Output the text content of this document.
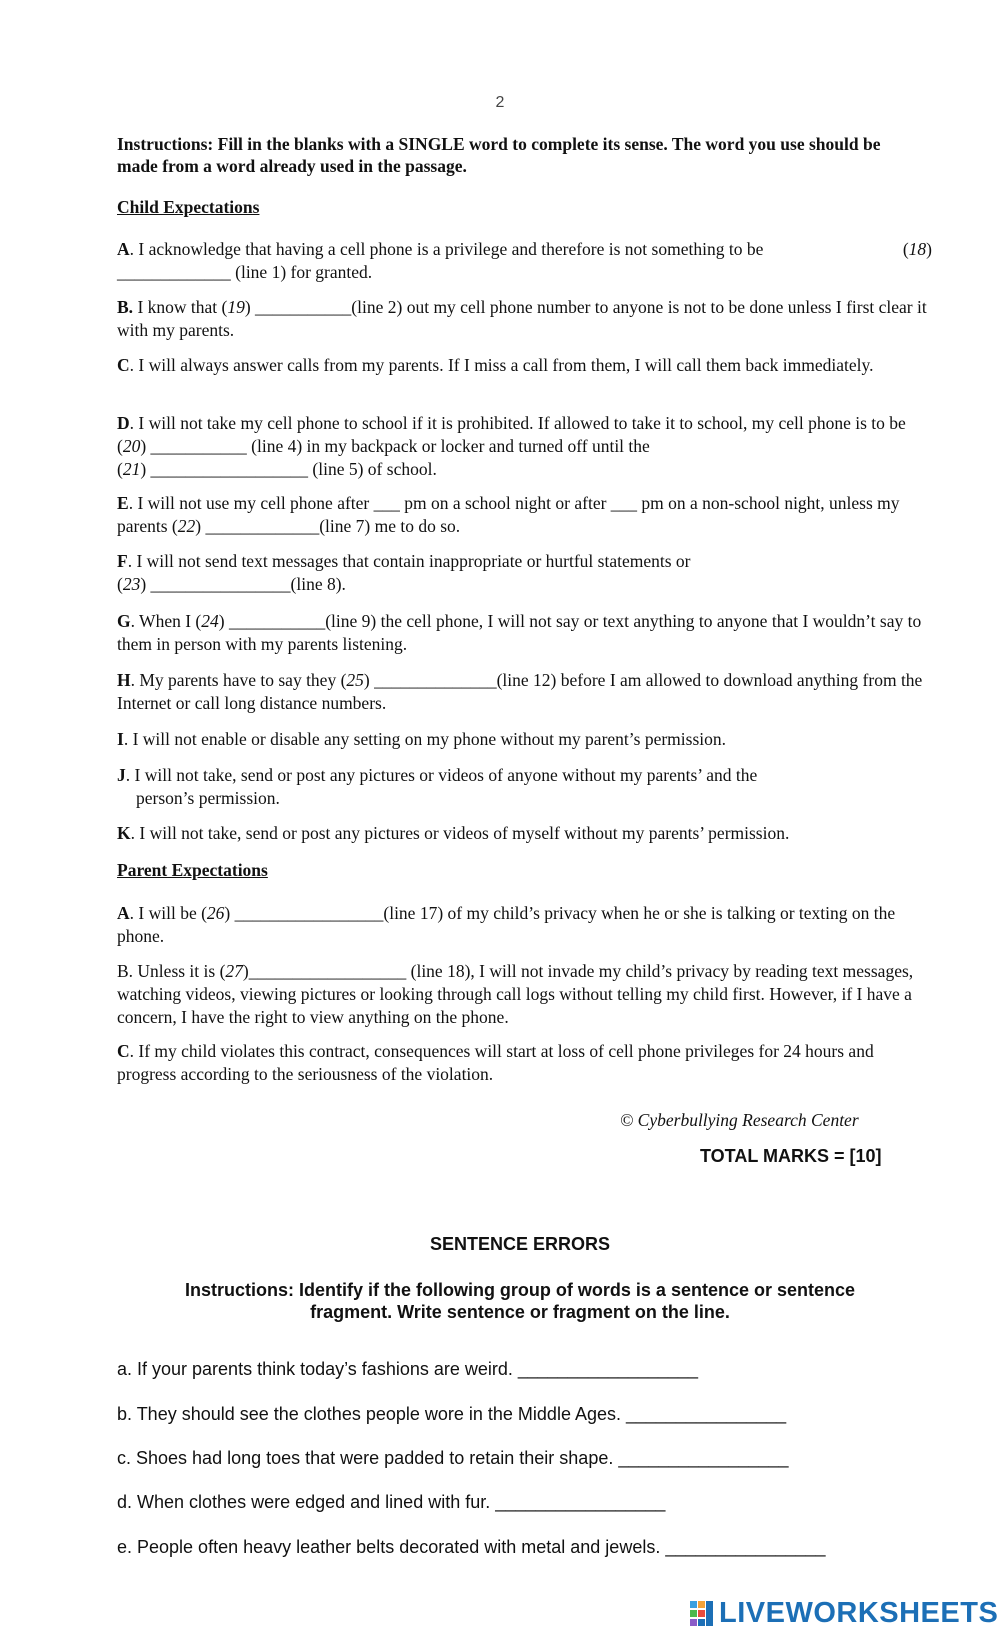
2
Instructions: Fill in the blanks with a SINGLE word to complete its sense. The word you use should be made from a word already used in the passage.
Child Expectations
A. I acknowledge that having a cell phone is a privilege and therefore is not something to be	(18)

_____________ (line 1) for granted.
B. I know that (19) ___________(line 2) out my cell phone number to anyone is not to be done unless I first clear it with my parents.
C. I will always answer calls from my parents. If I miss a call from them, I will call them back immediately.
D. I will not take my cell phone to school if it is prohibited. If allowed to take it to school, my cell phone is to be (20) ___________ (line 4) in my backpack or locker and turned off until the
(21) __________________ (line 5) of school.
E. I will not use my cell phone after ___ pm on a school night or after ___ pm on a non-school night, unless my parents (22) _____________(line 7) me to do so.
F. I will not send text messages that contain inappropriate or hurtful statements or
(23) ________________(line 8).
G. When I (24) ___________(line 9) the cell phone, I will not say or text anything to anyone that I wouldn’t say to them in person with my parents listening.
H. My parents have to say they (25) ______________(line 12) before I am allowed to download anything from the Internet or call long distance numbers.
I. I will not enable or disable any setting on my phone without my parent’s permission.
J. I will not take, send or post any pictures or videos of anyone without my parents’ and the
person’s permission.
K. I will not take, send or post any pictures or videos of myself without my parents’ permission.
Parent Expectations
A. I will be (26) _________________(line 17) of my child’s privacy when he or she is talking or texting on the phone.
B. Unless it is (27)__________________ (line 18), I will not invade my child’s privacy by reading text messages, watching videos, viewing pictures or looking through call logs without telling my child first. However, if I have a concern, I have the right to view anything on the phone.
C. If my child violates this contract, consequences will start at loss of cell phone privileges for 24 hours and progress according to the seriousness of the violation.
© Cyberbullying Research Center
TOTAL MARKS = [10]
SENTENCE ERRORS
Instructions: Identify if the following group of words is a sentence or sentence fragment. Write sentence or fragment on the line.
a. If your parents think today’s fashions are weird. __________________
b. They should see the clothes people wore in the Middle Ages. ________________
c. Shoes had long toes that were padded to retain their shape. _________________
d. When clothes were edged and lined with fur. _________________
e. People often heavy leather belts decorated with metal and jewels. ________________
LIVEWORKSHEETS
